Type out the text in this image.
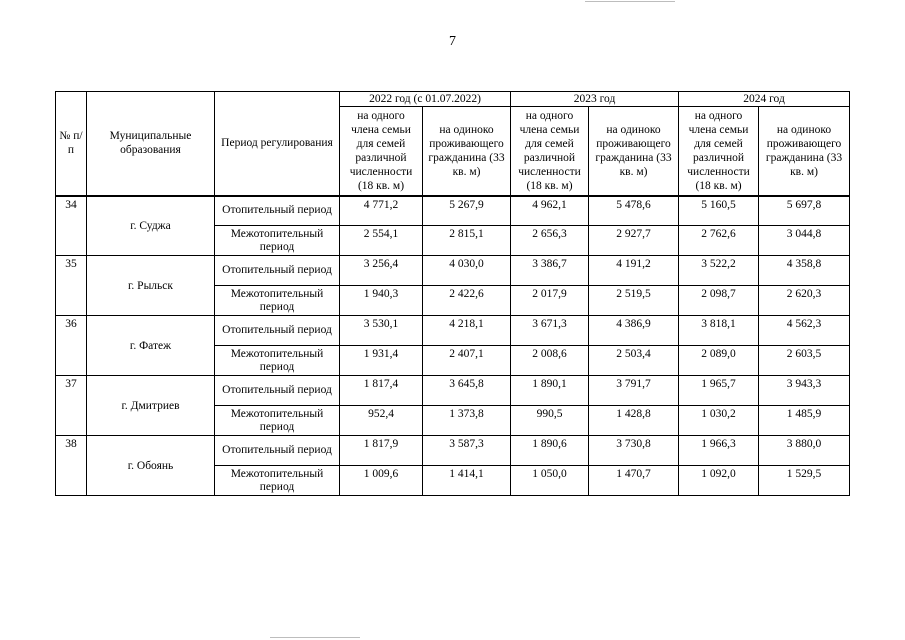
7
№ п/п	Муниципальные образования	Период регулирования	2022 год (с 01.07.2022)		2023 год		2024 год	
			на одного члена семьи для семей различной численности (18 кв. м)	на одиноко проживающего гражданина (33 кв. м)	на одного члена семьи для семей различной численности (18 кв. м)	на одиноко проживающего гражданина (33 кв. м)	на одного члена семьи для семей различной численности (18 кв. м)	на одиноко проживающего гражданина (33 кв. м)
34	г. Суджа	Отопительный период	4 771,2	5 267,9	4 962,1	5 478,6	5 160,5	5 697,8
		Межотопительный период	2 554,1	2 815,1	2 656,3	2 927,7	2 762,6	3 044,8
35	г. Рыльск	Отопительный период	3 256,4	4 030,0	3 386,7	4 191,2	3 522,2	4 358,8
		Межотопительный период	1 940,3	2 422,6	2 017,9	2 519,5	2 098,7	2 620,3
36	г. Фатеж	Отопительный период	3 530,1	4 218,1	3 671,3	4 386,9	3 818,1	4 562,3
		Межотопительный период	1 931,4	2 407,1	2 008,6	2 503,4	2 089,0	2 603,5
37	г. Дмитриев	Отопительный период	1 817,4	3 645,8	1 890,1	3 791,7	1 965,7	3 943,3
		Межотопительный период	952,4	1 373,8	990,5	1 428,8	1 030,2	1 485,9
38	г. Обоянь	Отопительный период	1 817,9	3 587,3	1 890,6	3 730,8	1 966,3	3 880,0
		Межотопительный период	1 009,6	1 414,1	1 050,0	1 470,7	1 092,0	1 529,5
